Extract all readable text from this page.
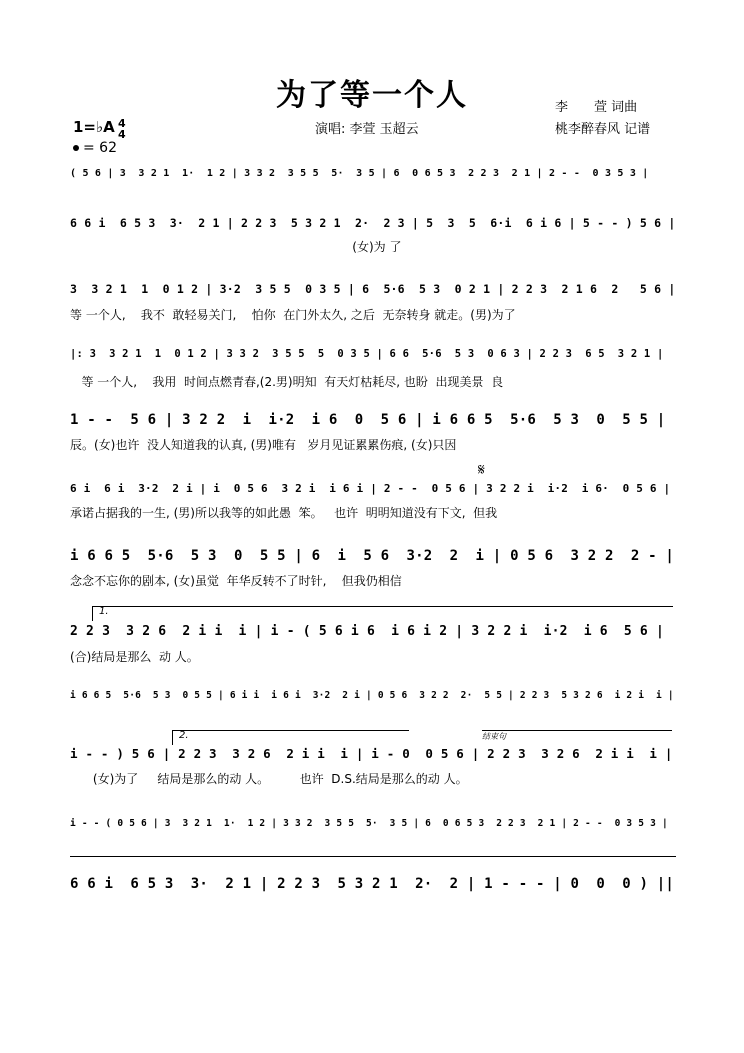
为了等一个人	李　　萱 词曲
演唱: 李萱 玉超云	桃李醉春风 记谱
1=♭A 4
4
= 62
( 5 6 | 3  3 2 1  1·  1 2 | 3 3 2  3 5 5  5·  3 5 | 6  0 6 5 3  2 2 3  2 1 | 2 - -  0 3 5 3 |
6 6 i  6 5 3  3·  2 1 | 2 2 3  5 3 2 1  2·  2 3 | 5  3  5  6·i  6 i 6 | 5 - - ) 5 6 |
(女)为 了
3  3 2 1  1  0 1 2 | 3·2  3 5 5  0 3 5 | 6  5·6  5 3  0 2 1 | 2 2 3  2 1 6  2   5 6 |
等 一个人,    我不  敢轻易关门,    怕你  在门外太久, 之后  无奈转身 就走。(男)为了
|: 3  3 2 1  1  0 1 2 | 3 3 2  3 5 5  5  0 3 5 | 6 6  5·6  5 3  0 6 3 | 2 2 3  6 5  3 2 1 |
等 一个人,    我用  时间点燃青春,(2.男)明知  有天灯枯耗尽, 也盼  出现美景  良
1 - -  5 6 | 3 2 2  i  i·2  i 6  0  5 6 | i 6 6 5  5·6  5 3  0  5 5 |
辰。(女)也许  没人知道我的认真, (男)唯有   岁月见证累累伤痕, (女)只因
𝄋
6 i  6 i  3·2  2 i | i  0 5 6  3 2 i  i 6 i | 2 - -  0 5 6 | 3 2 2 i  i·2  i 6·  0 5 6 |
承诺占据我的一生, (男)所以我等的如此愚  笨。   也许  明明知道没有下文,  但我
i 6 6 5  5·6  5 3  0  5 5 | 6  i  5 6  3·2  2  i | 0 5 6  3 2 2  2 - |
念念不忘你的剧本, (女)虽觉  年华反转不了时针,    但我仍相信
1.
2 2 3  3 2 6  2 i i  i | i - ( 5 6 i 6  i 6 i 2 | 3 2 2 i  i·2  i 6  5 6 |
(合)结局是那么  动 人。
i 6 6 5  5·6  5 3  0 5 5 | 6 i i  i 6 i  3·2  2 i | 0 5 6  3 2 2  2·  5 5 | 2 2 3  5 3 2 6  i 2 i  i |
2.	结束句
i - - ) 5 6 | 2 2 3  3 2 6  2 i i  i | i - 0  0 5 6 | 2 2 3  3 2 6  2 i i  i |
(女)为了     结局是那么的动 人。        也许  D.S.结局是那么的动 人。
i - - ( 0 5 6 | 3  3 2 1  1·  1 2 | 3 3 2  3 5 5  5·  3 5 | 6  0 6 5 3  2 2 3  2 1 | 2 - -  0 3 5 3 |
6 6 i  6 5 3  3·  2 1 | 2 2 3  5 3 2 1  2·  2 | 1 - - - | 0  0  0 ) ||
